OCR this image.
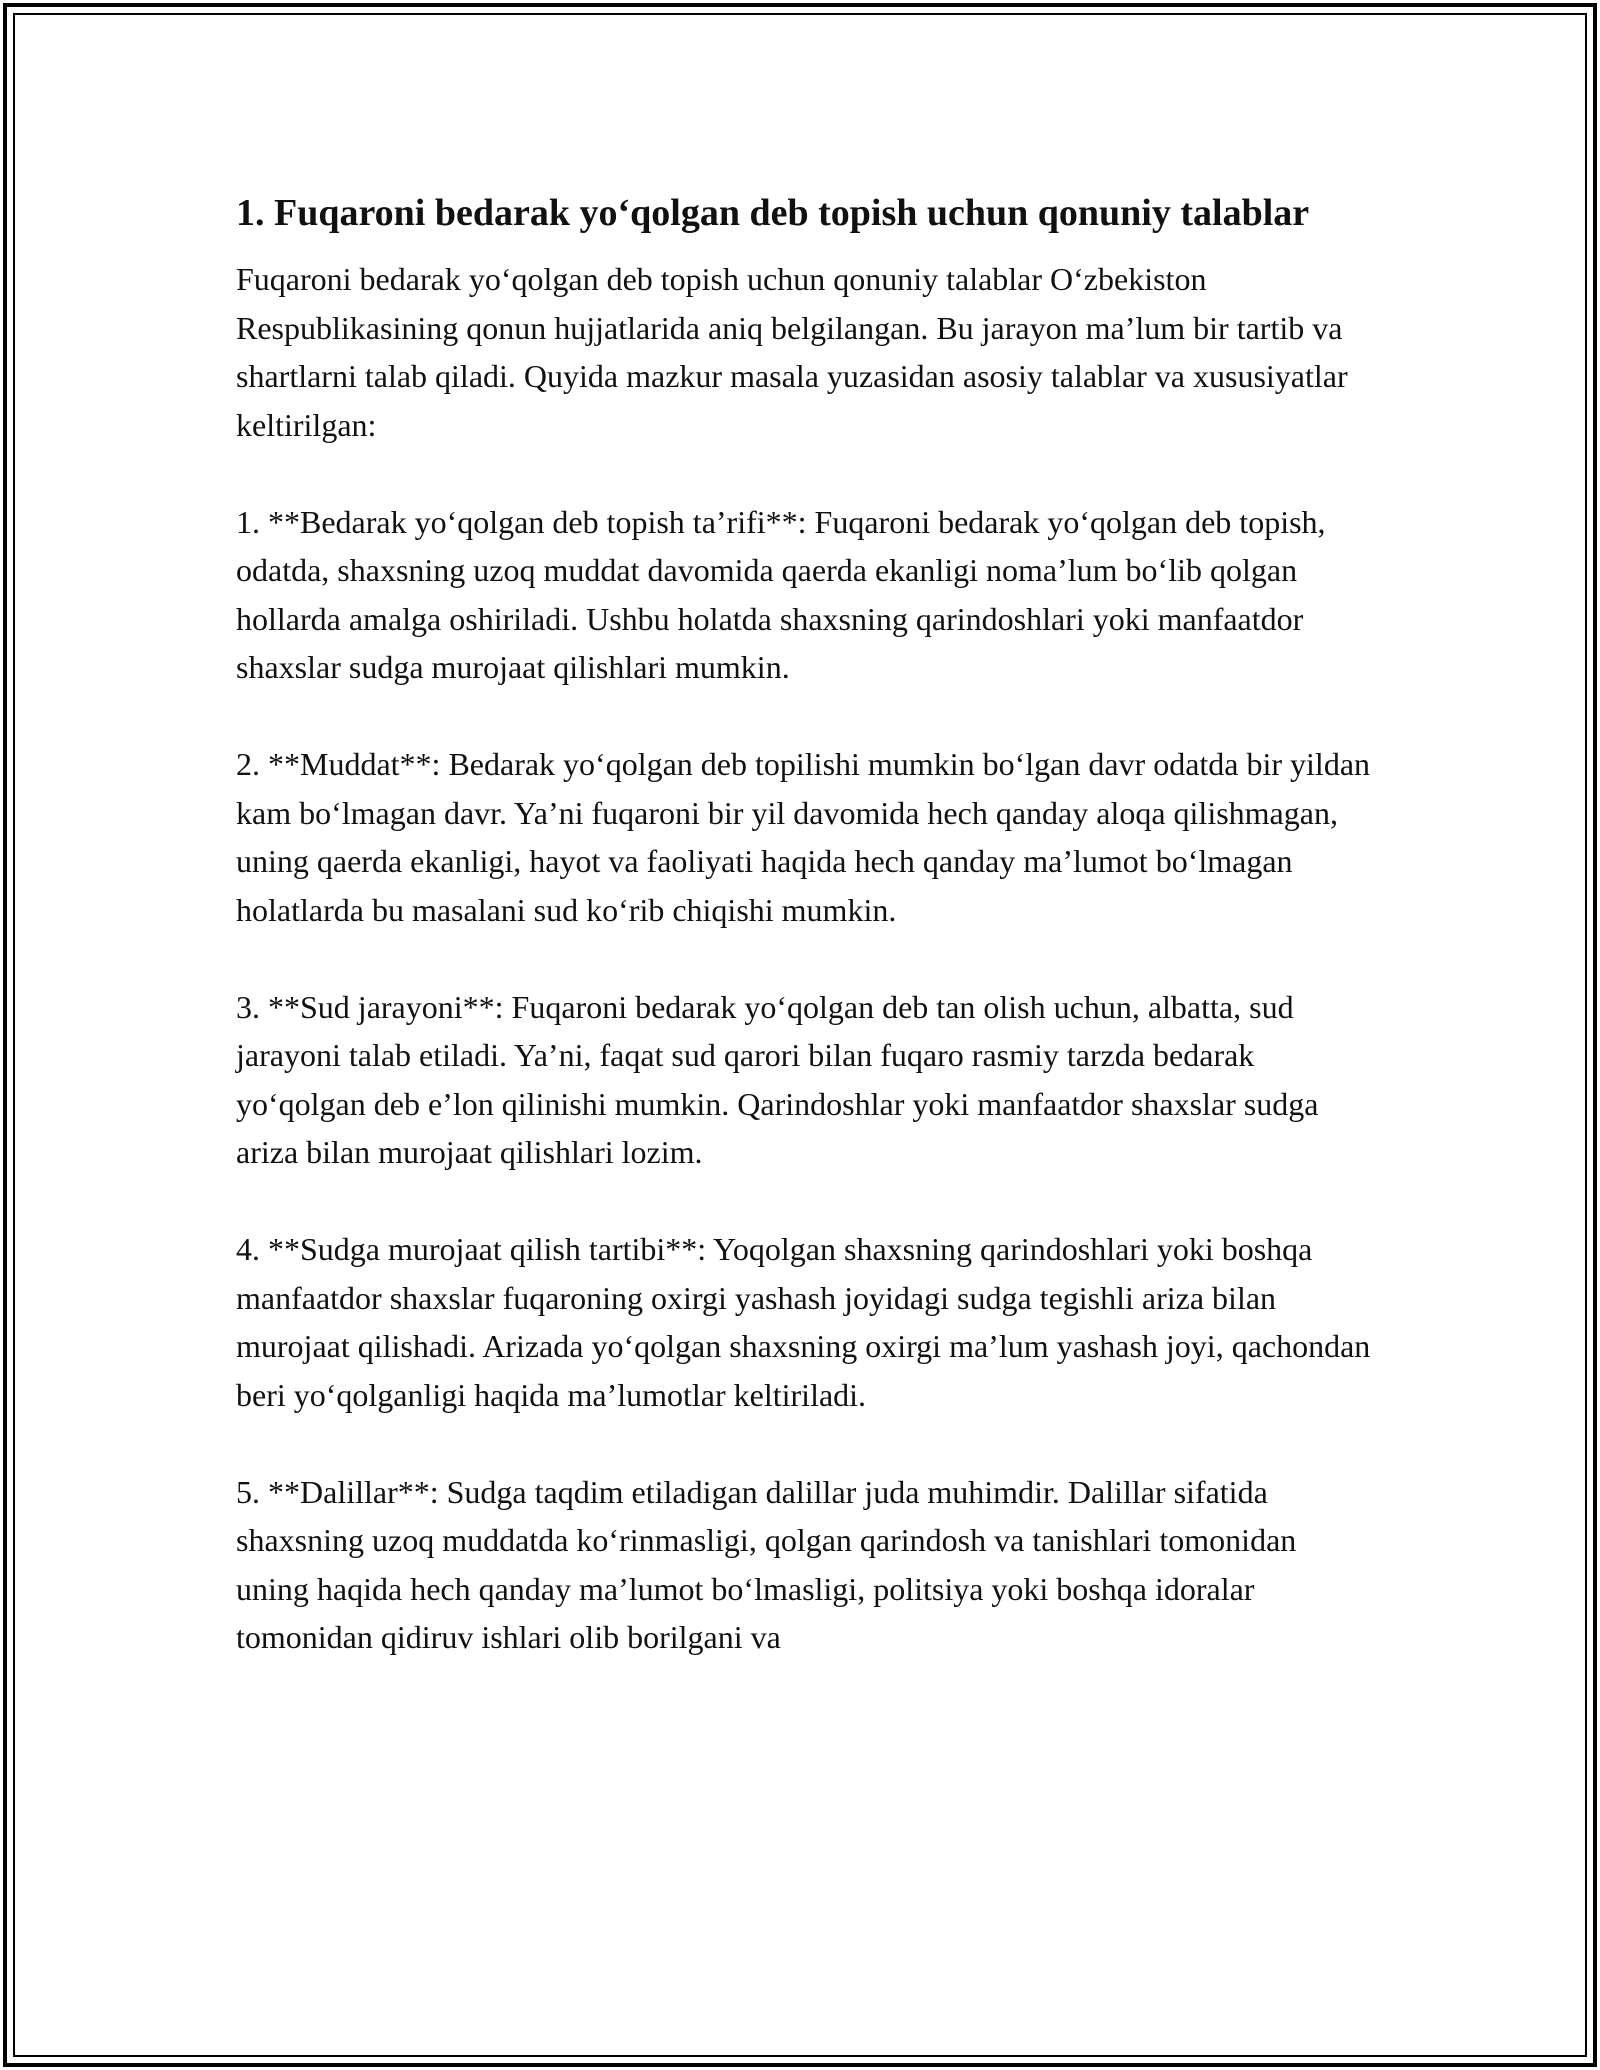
1. Fuqaroni bedarak yo‘qolgan deb topish uchun qonuniy talablar

Fuqaroni bedarak yo‘qolgan deb topish uchun qonuniy talablar O‘zbekiston Respublikasining qonun hujjatlarida aniq belgilangan. Bu jarayon ma’lum bir tartib va shartlarni talab qiladi. Quyida mazkur masala yuzasidan asosiy talablar va xususiyatlar keltirilgan:

1. **Bedarak yo‘qolgan deb topish ta’rifi**: Fuqaroni bedarak yo‘qolgan deb topish, odatda, shaxsning uzoq muddat davomida qaerda ekanligi noma’lum bo‘lib qolgan hollarda amalga oshiriladi. Ushbu holatda shaxsning qarindoshlari yoki manfaatdor shaxslar sudga murojaat qilishlari mumkin.

2. **Muddat**: Bedarak yo‘qolgan deb topilishi mumkin bo‘lgan davr odatda bir yildan kam bo‘lmagan davr. Ya’ni fuqaroni bir yil davomida hech qanday aloqa qilishmagan, uning qaerda ekanligi, hayot va faoliyati haqida hech qanday ma’lumot bo‘lmagan holatlarda bu masalani sud ko‘rib chiqishi mumkin.

3. **Sud jarayoni**: Fuqaroni bedarak yo‘qolgan deb tan olish uchun, albatta, sud jarayoni talab etiladi. Ya’ni, faqat sud qarori bilan fuqaro rasmiy tarzda bedarak yo‘qolgan deb e’lon qilinishi mumkin. Qarindoshlar yoki manfaatdor shaxslar sudga ariza bilan murojaat qilishlari lozim.

4. **Sudga murojaat qilish tartibi**: Yoqolgan shaxsning qarindoshlari yoki boshqa manfaatdor shaxslar fuqaroning oxirgi yashash joyidagi sudga tegishli ariza bilan murojaat qilishadi. Arizada yo‘qolgan shaxsning oxirgi ma’lum yashash joyi, qachondan beri yo‘qolganligi haqida ma’lumotlar keltiriladi.

5. **Dalillar**: Sudga taqdim etiladigan dalillar juda muhimdir. Dalillar sifatida shaxsning uzoq muddatda ko‘rinmasligi, qolgan qarindosh va tanishlari tomonidan uning haqida hech qanday ma’lumot bo‘lmasligi, politsiya yoki boshqa idoralar tomonidan qidiruv ishlari olib borilgani va
